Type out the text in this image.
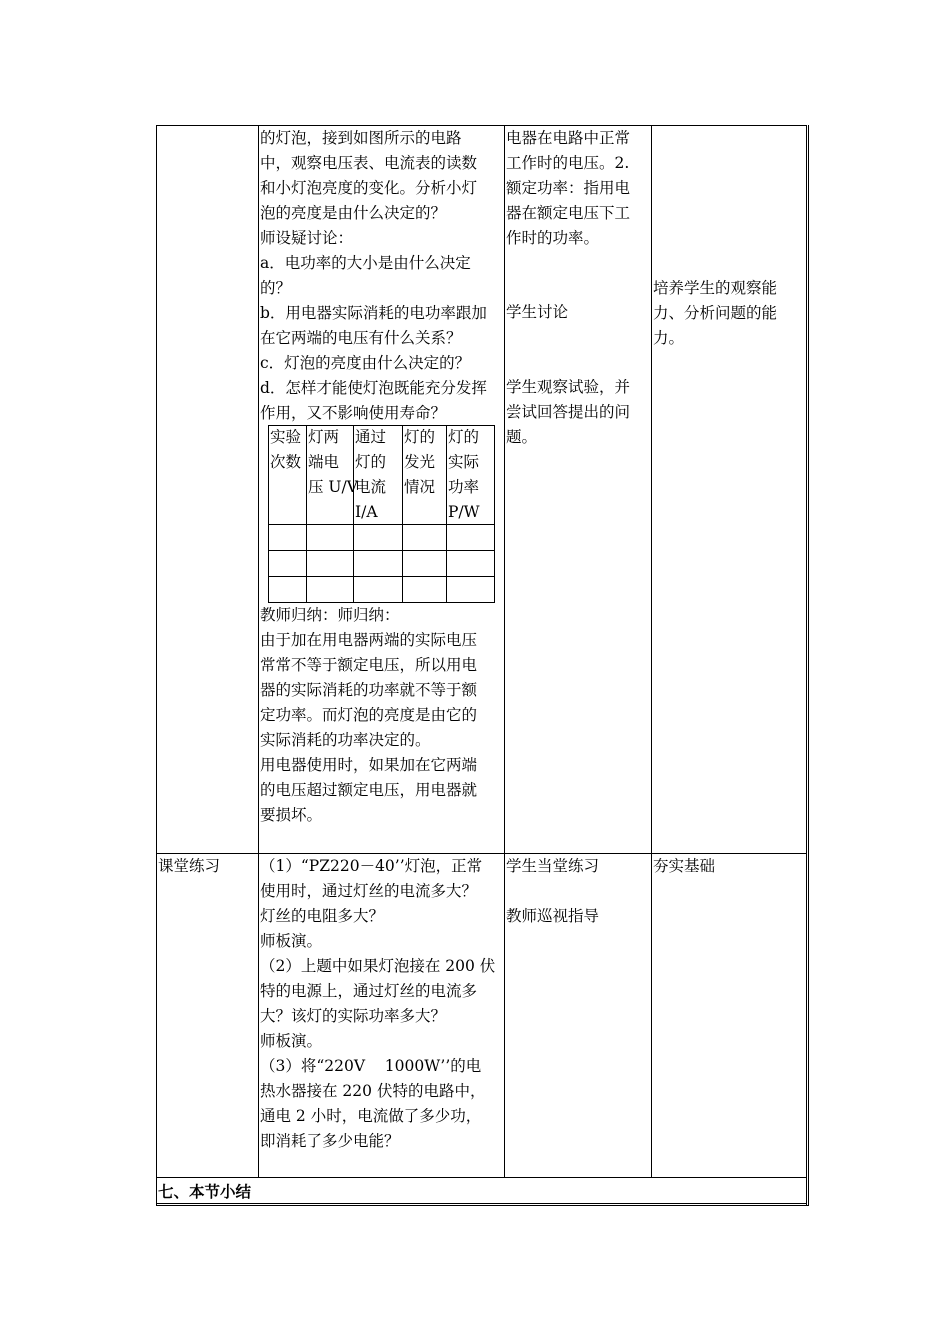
的灯泡，接到如图所示的电路
中，观察电压表、电流表的读数
和小灯泡亮度的变化。分析小灯
泡的亮度是由什么决定的？
师设疑讨论：
a．电功率的大小是由什么决定
的？
b．用电器实际消耗的电功率跟加
在它两端的电压有什么关系？
c．灯泡的亮度由什么决定的？
d．怎样才能使灯泡既能充分发挥
作用，又不影响使用寿命？
实验
次数
灯两
端电
压 U/V
通过
灯的
电流
I/A
灯的
发光
情况
灯的
实际
功率
P/W
教师归纳：师归纳：
由于加在用电器两端的实际电压
常常不等于额定电压，所以用电
器的实际消耗的功率就不等于额
定功率。而灯泡的亮度是由它的
实际消耗的功率决定的。
用电器使用时，如果加在它两端
的电压超过额定电压，用电器就
要损坏。
电器在电路中正常
工作时的电压。2.
额定功率：指用电
器在额定电压下工
作时的功率。
学生讨论
学生观察试验，并
尝试回答提出的问
题。
培养学生的观察能
力、分析问题的能
力。
课堂练习	（1）“PZ220－40’’灯泡，正常
使用时，通过灯丝的电流多大？
灯丝的电阻多大？
师板演。
（2）上题中如果灯泡接在 200 伏
特的电源上，通过灯丝的电流多
大？该灯的实际功率多大？
师板演。
（3）将“220V    1000W’’的电
热水器接在 220 伏特的电路中，
通电 2 小时，电流做了多少功，
即消耗了多少电能？
学生当堂练习
教师巡视指导
夯实基础
七、本节小结
